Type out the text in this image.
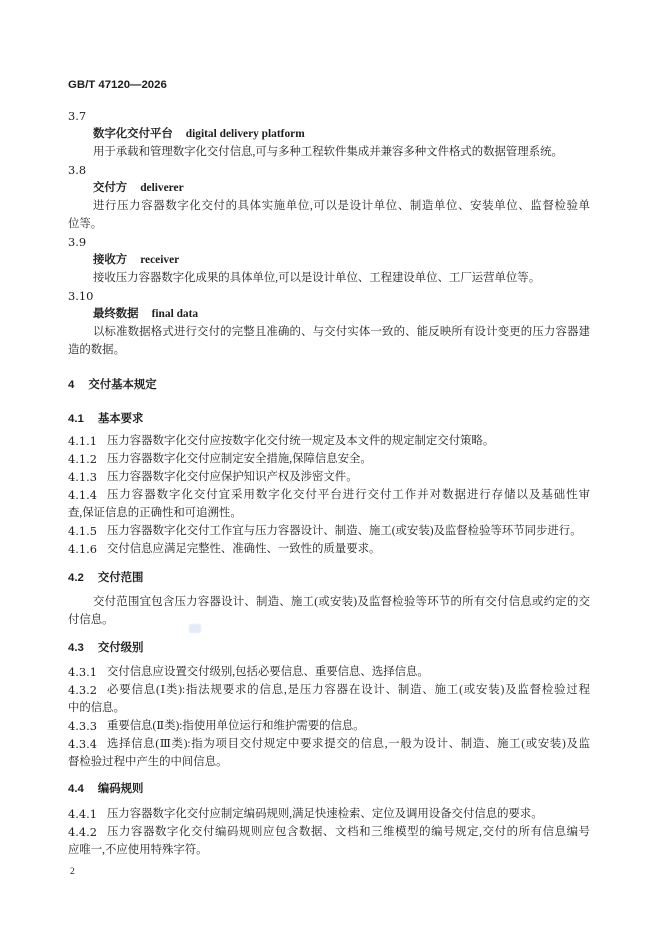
GB/T 47120—2026
3.7
数字化交付平台 digital delivery platform
用于承载和管理数字化交付信息,可与多种工程软件集成并兼容多种文件格式的数据管理系统。
3.8
交付方 deliverer
进行压力容器数字化交付的具体实施单位,可以是设计单位、制造单位、安装单位、监督检验单
位等。
3.9
接收方 receiver
接收压力容器数字化成果的具体单位,可以是设计单位、工程建设单位、工厂运营单位等。
3.10
最终数据 final data
以标准数据格式进行交付的完整且准确的、与交付实体一致的、能反映所有设计变更的压力容器建
造的数据。
4 交付基本规定
4.1 基本要求
4.1.1 压力容器数字化交付应按数字化交付统一规定及本文件的规定制定交付策略。
4.1.2 压力容器数字化交付应制定安全措施,保障信息安全。
4.1.3 压力容器数字化交付应保护知识产权及涉密文件。
4.1.4 压力容器数字化交付宜采用数字化交付平台进行交付工作并对数据进行存储以及基础性审
查,保证信息的正确性和可追溯性。
4.1.5 压力容器数字化交付工作宜与压力容器设计、制造、施工(或安装)及监督检验等环节同步进行。
4.1.6 交付信息应满足完整性、准确性、一致性的质量要求。
4.2 交付范围
交付范围宜包含压力容器设计、制造、施工(或安装)及监督检验等环节的所有交付信息或约定的交
付信息。
4.3 交付级别
4.3.1 交付信息应设置交付级别,包括必要信息、重要信息、选择信息。
4.3.2 必要信息(Ⅰ类):指法规要求的信息,是压力容器在设计、制造、施工(或安装)及监督检验过程
中的信息。
4.3.3 重要信息(Ⅱ类):指使用单位运行和维护需要的信息。
4.3.4 选择信息(Ⅲ类):指为项目交付规定中要求提交的信息,一般为设计、制造、施工(或安装)及监
督检验过程中产生的中间信息。
4.4 编码规则
4.4.1 压力容器数字化交付应制定编码规则,满足快速检索、定位及调用设备交付信息的要求。
4.4.2 压力容器数字化交付编码规则应包含数据、文档和三维模型的编号规定,交付的所有信息编号
应唯一,不应使用特殊字符。
2
